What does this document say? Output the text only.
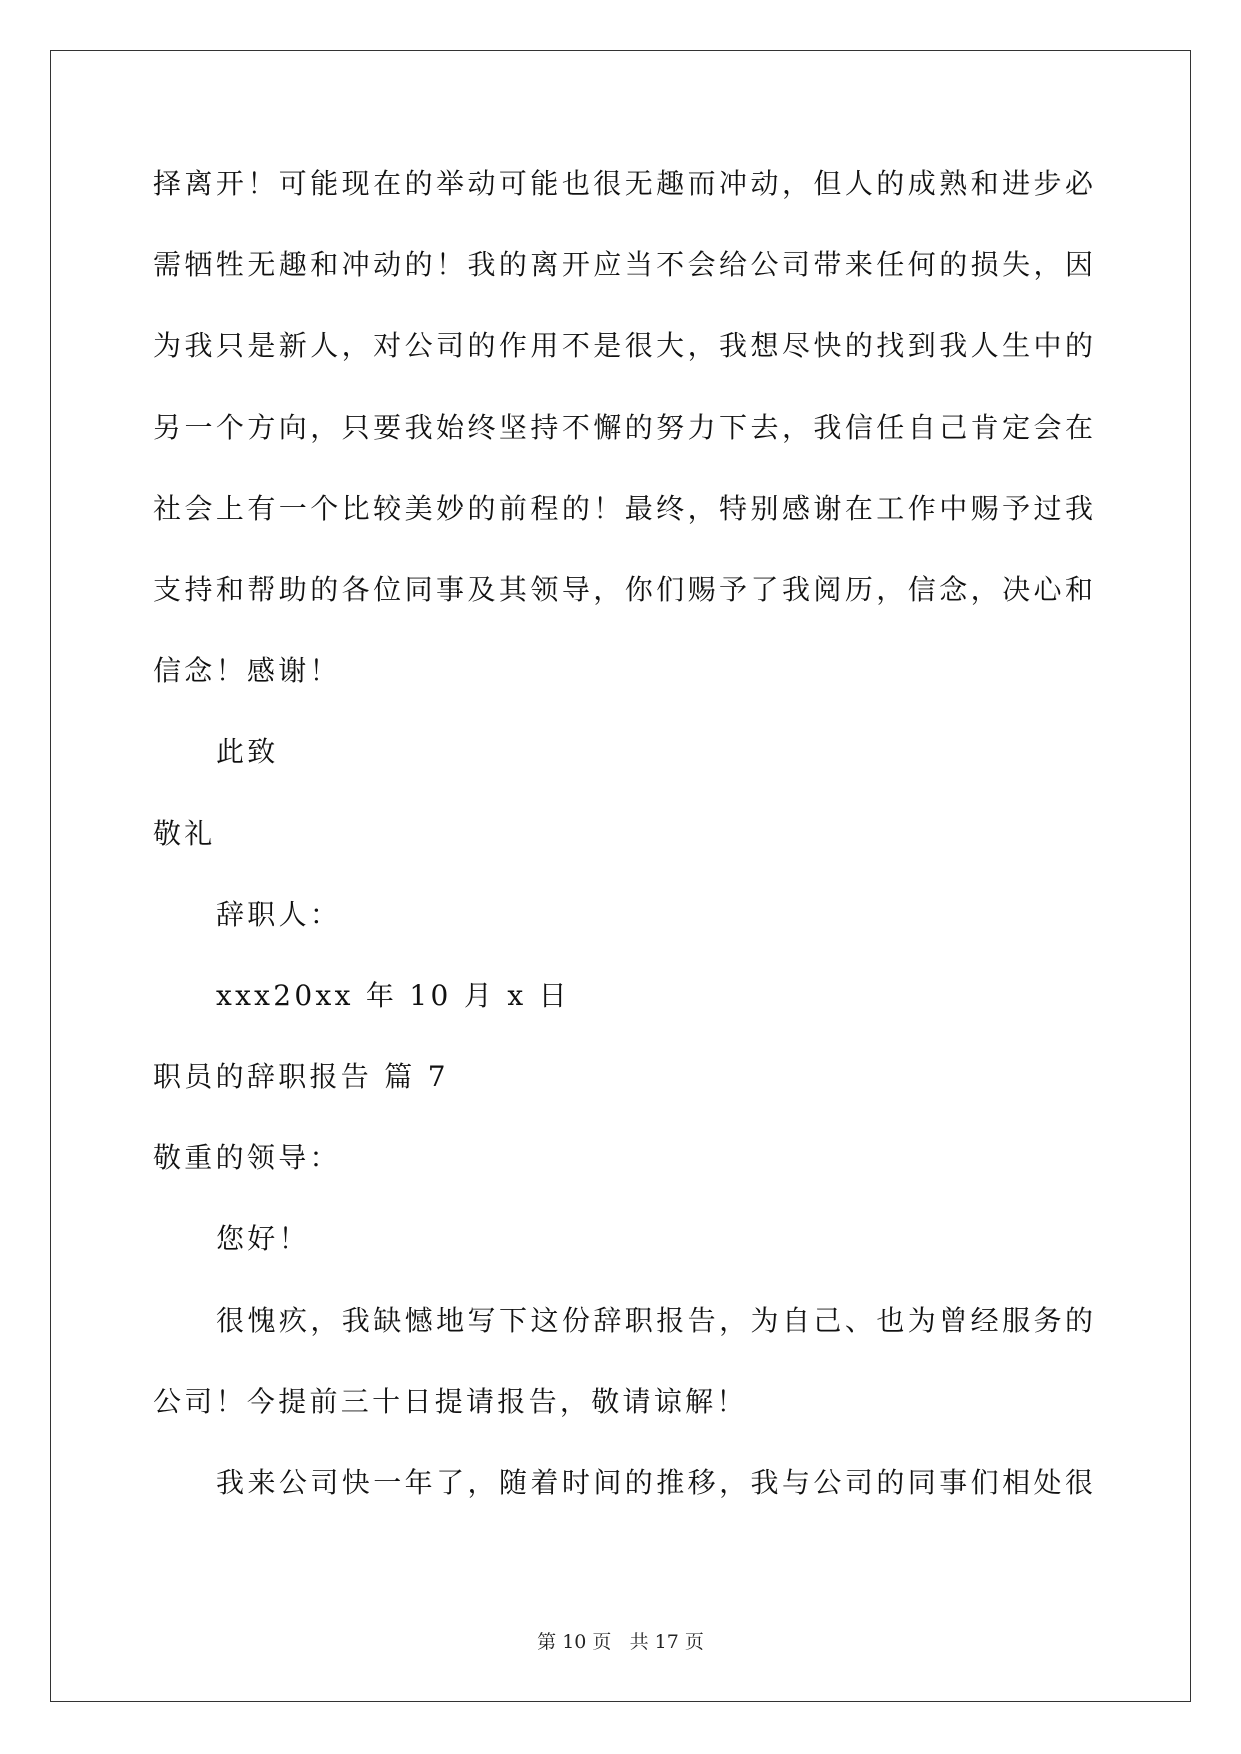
择离开！可能现在的举动可能也很无趣而冲动，但人的成熟和进步必
需牺牲无趣和冲动的！我的离开应当不会给公司带来任何的损失，因
为我只是新人，对公司的作用不是很大，我想尽快的找到我人生中的
另一个方向，只要我始终坚持不懈的努力下去，我信任自己肯定会在
社会上有一个比较美妙的前程的！最终，特别感谢在工作中赐予过我
支持和帮助的各位同事及其领导，你们赐予了我阅历，信念，决心和
信念！感谢！
此致
敬礼
辞职人：
xxx20xx 年 10 月 x 日
职员的辞职报告 篇 7
敬重的领导：
您好！
很愧疚，我缺憾地写下这份辞职报告，为自己、也为曾经服务的
公司！今提前三十日提请报告，敬请谅解！
我来公司快一年了，随着时间的推移，我与公司的同事们相处很
第 10 页 共 17 页
